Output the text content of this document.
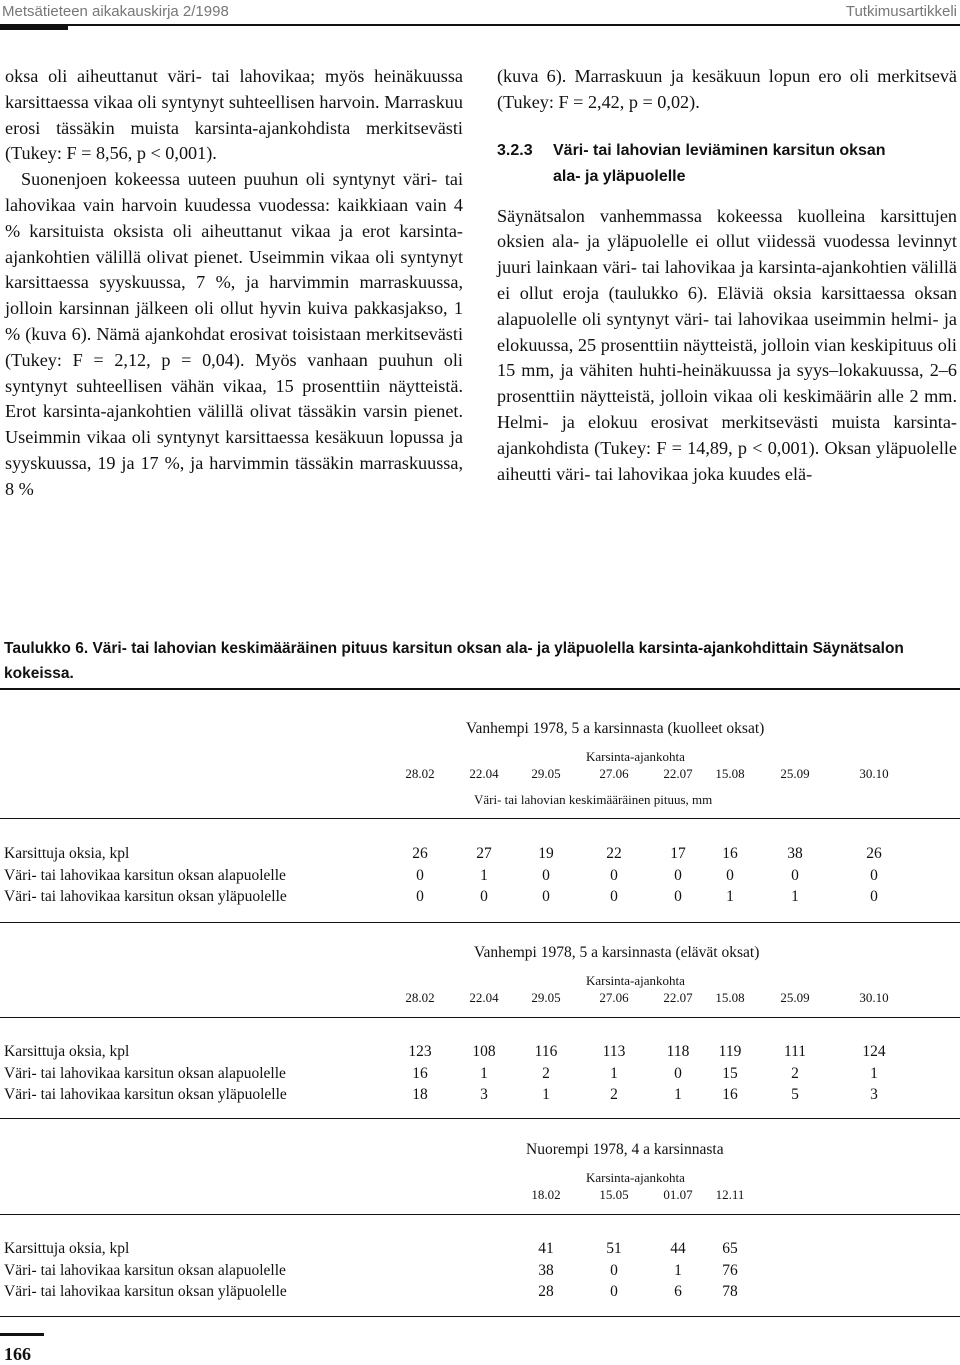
Metsätieteen aikakauskirja 2/1998	Tutkimusartikkeli

oksa oli aiheuttanut väri- tai lahovikaa; myös heinäkuussa karsittaessa vikaa oli syntynyt suhteellisen harvoin. Marraskuu erosi tässäkin muista karsinta-ajankohdista merkitsevästi (Tukey: F = 8,56, p < 0,001).

Suonenjoen kokeessa uuteen puuhun oli syntynyt väri- tai lahovikaa vain harvoin kuudessa vuodessa: kaikkiaan vain 4 % karsituista oksista oli aiheuttanut vikaa ja erot karsinta-ajankohtien välillä olivat pienet. Useimmin vikaa oli syntynyt karsittaessa syyskuussa, 7 %, ja harvimmin marraskuussa, jolloin karsinnan jälkeen oli ollut hyvin kuiva pakkasjakso, 1 % (kuva 6). Nämä ajankohdat erosivat toisistaan merkitsevästi (Tukey: F = 2,12, p = 0,04). Myös vanhaan puuhun oli syntynyt suhteellisen vähän vikaa, 15 prosenttiin näytteistä. Erot karsinta-ajankohtien välillä olivat tässäkin varsin pienet. Useimmin vikaa oli syntynyt karsittaessa kesäkuun lopussa ja syyskuussa, 19 ja 17 %, ja harvimmin tässäkin marraskuussa, 8 %

(kuva 6). Marraskuun ja kesäkuun lopun ero oli merkitsevä (Tukey: F = 2,42, p = 0,02).

3.2.3 Väri- tai lahovian leviäminen karsitun oksan
ala- ja yläpuolelle

Säynätsalon vanhemmassa kokeessa kuolleina karsittujen oksien ala- ja yläpuolelle ei ollut viidessä vuodessa levinnyt juuri lainkaan väri- tai lahovikaa ja karsinta-ajankohtien välillä ei ollut eroja (taulukko 6). Eläviä oksia karsittaessa oksan alapuolelle oli syntynyt väri- tai lahovikaa useimmin helmi- ja elokuussa, 25 prosenttiin näytteistä, jolloin vian keskipituus oli 15 mm, ja vähiten huhti-heinäkuussa ja syys–lokakuussa, 2–6 prosenttiin näytteistä, jolloin vikaa oli keskimäärin alle 2 mm. Helmi- ja elokuu erosivat merkitsevästi muista karsinta-ajankohdista (Tukey: F = 14,89, p < 0,001). Oksan yläpuolelle aiheutti väri- tai lahovikaa joka kuudes elä-

Taulukko 6. Väri- tai lahovian keskimääräinen pituus karsitun oksan ala- ja yläpuolella karsinta-ajankohdittain Säynätsalon kokeissa.
Vanhempi 1978, 5 a karsinnasta (kuolleet oksat)
Karsinta-ajankohta
28.02	22.04	29.05	27.06	22.07 15.08	25.09	30.10
Väri- tai lahovian keskimääräinen pituus, mm
Karsittuja oksia, kpl	26	27	19	22	17 16	38	26
Väri- tai lahovikaa karsitun oksan alapuolelle	0	1	0	0	0	0	0	0
Väri- tai lahovikaa karsitun oksan yläpuolelle	0	0	0	0	0	1	1	0
Vanhempi 1978, 5 a karsinnasta (elävät oksat)
Karsinta-ajankohta
28.02	22.04	29.05	27.06	22.07 15.08	25.09	30.10
Karsittuja oksia, kpl	123	108	116	113	118 119	111	124
Väri- tai lahovikaa karsitun oksan alapuolelle	16	1	2	1	0	15	2	1
Väri- tai lahovikaa karsitun oksan yläpuolelle	18	3	1	2	1	16	5	3
Nuorempi 1978, 4 a karsinnasta
Karsinta-ajankohta
18.02	15.05	01.07 12.11
Karsittuja oksia, kpl	41	51	44 65
Väri- tai lahovikaa karsitun oksan alapuolelle	38	0	1	76
Väri- tai lahovikaa karsitun oksan yläpuolelle	28	0	6	78
166
